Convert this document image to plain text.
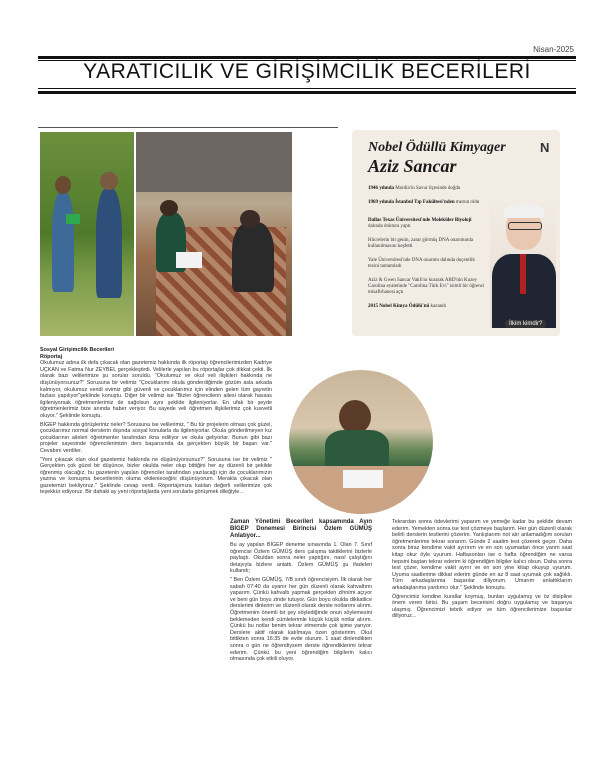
Nisan-2025
YARATICILIK VE GİRİŞİMCİLİK BECERİLERİ
Nobel Ödüllü Kimyager
Aziz Sancar
N
1946 yılında Mardin'in Savur ilçesinde doğdu
1969 yılında İstanbul Tıp Fakültesi'nden mezun oldu
Dallas Texas Üniversitesi'nde Moleküler Biyoloji dalında doktora yaptı
Hücrelerin bir genin, zarar görmüş DNA onarımında kullanılmasını keşfetti
Yale Üniversitesi'nde DNA onarımı dalında doçentlik tezini tamamladı
Aziz & Gwen Sancar Vakfı'nı kurarak ABD'nin Kuzey Carolina eyaletinde "Carolina Türk Evi" isimli bir öğrenci misafirhanesi açtı
2015 Nobel Kimya Ödülü'nü kazandı
İlkim kimdir?
Sosyal Girişimcilik Becerileri
Röportaj

Okulumuz adına ilk defa çıkacak olan gazetemiz hakkında ilk röportajı öğrencilerimizden Kadriye UÇKAN ve Fatma Nur ZEYBEL gerçekleştirdi. Velilerle yapılan bu röportajlar çok dikkat çekti. İlk olarak bazı velilerimize şu sorular soruldu. "Okulumuz ve okul veli ilişkileri hakkında ne düşünüyorsunuz?" Sorusuna bir velimiz "Çocuklarımı okula gönderdiğimde gözüm asla arkada kalmıyor, okulumuz vendi evimiz gibi güvenli ve çocuklarımız için elinden gelen tüm gayretin fazlası yapılıyor"şeklinde konuştu. Diğer bir velimiz ise "Bizler öğrencilerin ailesi olarak hassas ilgileniyorsak öğretmenlerimiz de sağolsun aynı şekilde ilgileniyorlar. En ufak bir şeyde öğretmenlerimiz bize anında haber veriyor. Bu sayede veli öğretmen ilişkilerimiz çok kuvvetli oluyor." Şeklinde konuştu.

BİGEP hakkında görüşleriniz neler? Sorusuna ise velilerimiz, " Bu tür projelerin olması çok güzel, çocuklarımız normal derslerin dışında sosyal konularla da ilgileniyorlar. Okula gönderilmeyen kız çocuklarının aileleri öğretmenler tarafından ikna ediliyor ve okula geliyorlar. Bunun gibi bazı projeler sayesinde öğrencilerimizin ders başarısında da gerçekten büyük bir başarı var." Cevabını verdiler.

"Yeni çıkacak olan okul gazetemiz hakkında ne düşünüyorsunuz?" Sorusuna ise bir velimiz " Gerçekten çok güzel bir düşünce, bizler okulda neler olup bittiğini her ay düzenli bir şekilde öğrenmiş olacağız, bu gazetenin yapılan öğrenciler tarafından yazılacağı için de çocuklarımızın yazma ve konuşma becerilerinin oluma ekilenieceğini düşünüyorum. Merakla çıkacak olan gazetemizi bekliyoruz." Şeklinde cevap verdi. Röportajımıza katılan değerli velilerimize çok teşekkür ediyoruz. Bir dahaki ay yeni röportajlarda yeni sorularla görüşmek dileğiyle...

Zaman Yönetimi Becerileri kapsamında Ayın BİGEP Donemesi Birincisi Özlem GÜMÜŞ Anlatıyor...

Bu ay yapılan BİGEP deneme sınavında 1. Olan 7. Sınıf öğrencisi Özlem GÜMÜŞ ders çalışma taktiklerini bizlerle paylaştı. Okuldan sonra neler yaptığını, nasıl çalıştığını detayıyla bizlere anlattı. Özlem GÜMÜŞ şu ifadeleri kullandı;

" Ben Özlem GÜMÜŞ, 7/B sınıfı öğrencisiyim. İlk olarak her sabah 07:40 da uyanır her gün düzenli olarak kahvaltımı yaparım. Çünkü kahvaltı yapmak gerçekten zihnimi açıyor ve beni gün boyu zinde tutuyor. Gün boyu okulda dikkatlice derslerimi dinlerim ve düzenli olarak derste notlarımı alırım. Öğretmenim önemli bir şey söylediğinde onun söylemesini beklemeden kendi cümlelerimle küçük küçük notlar alırım. Çünkü bu notlar benim tekrar etmemde çok işime yarıyor. Derslere aktif olarak katılmaya özen gösteririm. Okul bittikten sonra 16:35 de evde olurum. 1 saat dinlendikten sonra o gün ne öğrendiysem derste öğrendiklerimi tekrar ederim. Çünkü bu yeni öğrendiğim bilgilerin kalıcı olmasında çok etkili oluyor.

Tekrardan sonra ödevlerimi yaparım ve yemeğe kadar bu şekilde devam ederim. Yemekten sonra ise test çözmeye başlarım. Her gün düzenli olarak belirli derslerin testlerini çözerim. Yanlışlarımı not alır anlamadığım soruları öğretmenlerime tekrar sorarım. Günde 2 saatim test çözerek geçer. Daha sonra biraz kendime vakit ayırırım ve en son uyumadan önce yarım saat kitap okur öyle uyurum. Haftasonları ise o hafta öğrendiğim ne varsa hepsini baştan tekrar ederim ki öğrendiğim bilgiler kalıcı olsun. Daha sonra test çözer, kendime vakit ayırır ve en son yine kitap okuyup uyurum. Uyuma saatlerime dikkat ederim günde en az 8 saat uyumak çok sağlıklı. Tüm arkadaşlarıma başarılar diliyorum. Umarım anlattıklarım arkadaşlarıma yardımcı olur." Şeklinde konuştu.

Öğrencimiz kendine kurallar koymuş, bunları uygulamış ve öz disipline önem veren birisi. Bu yaşam becerisini doğru uygulamış ve başarıya ulaşmış. Öğrencimizi tebrik ediyor ve tüm öğrencilerimize başarılar diliyoruz...
